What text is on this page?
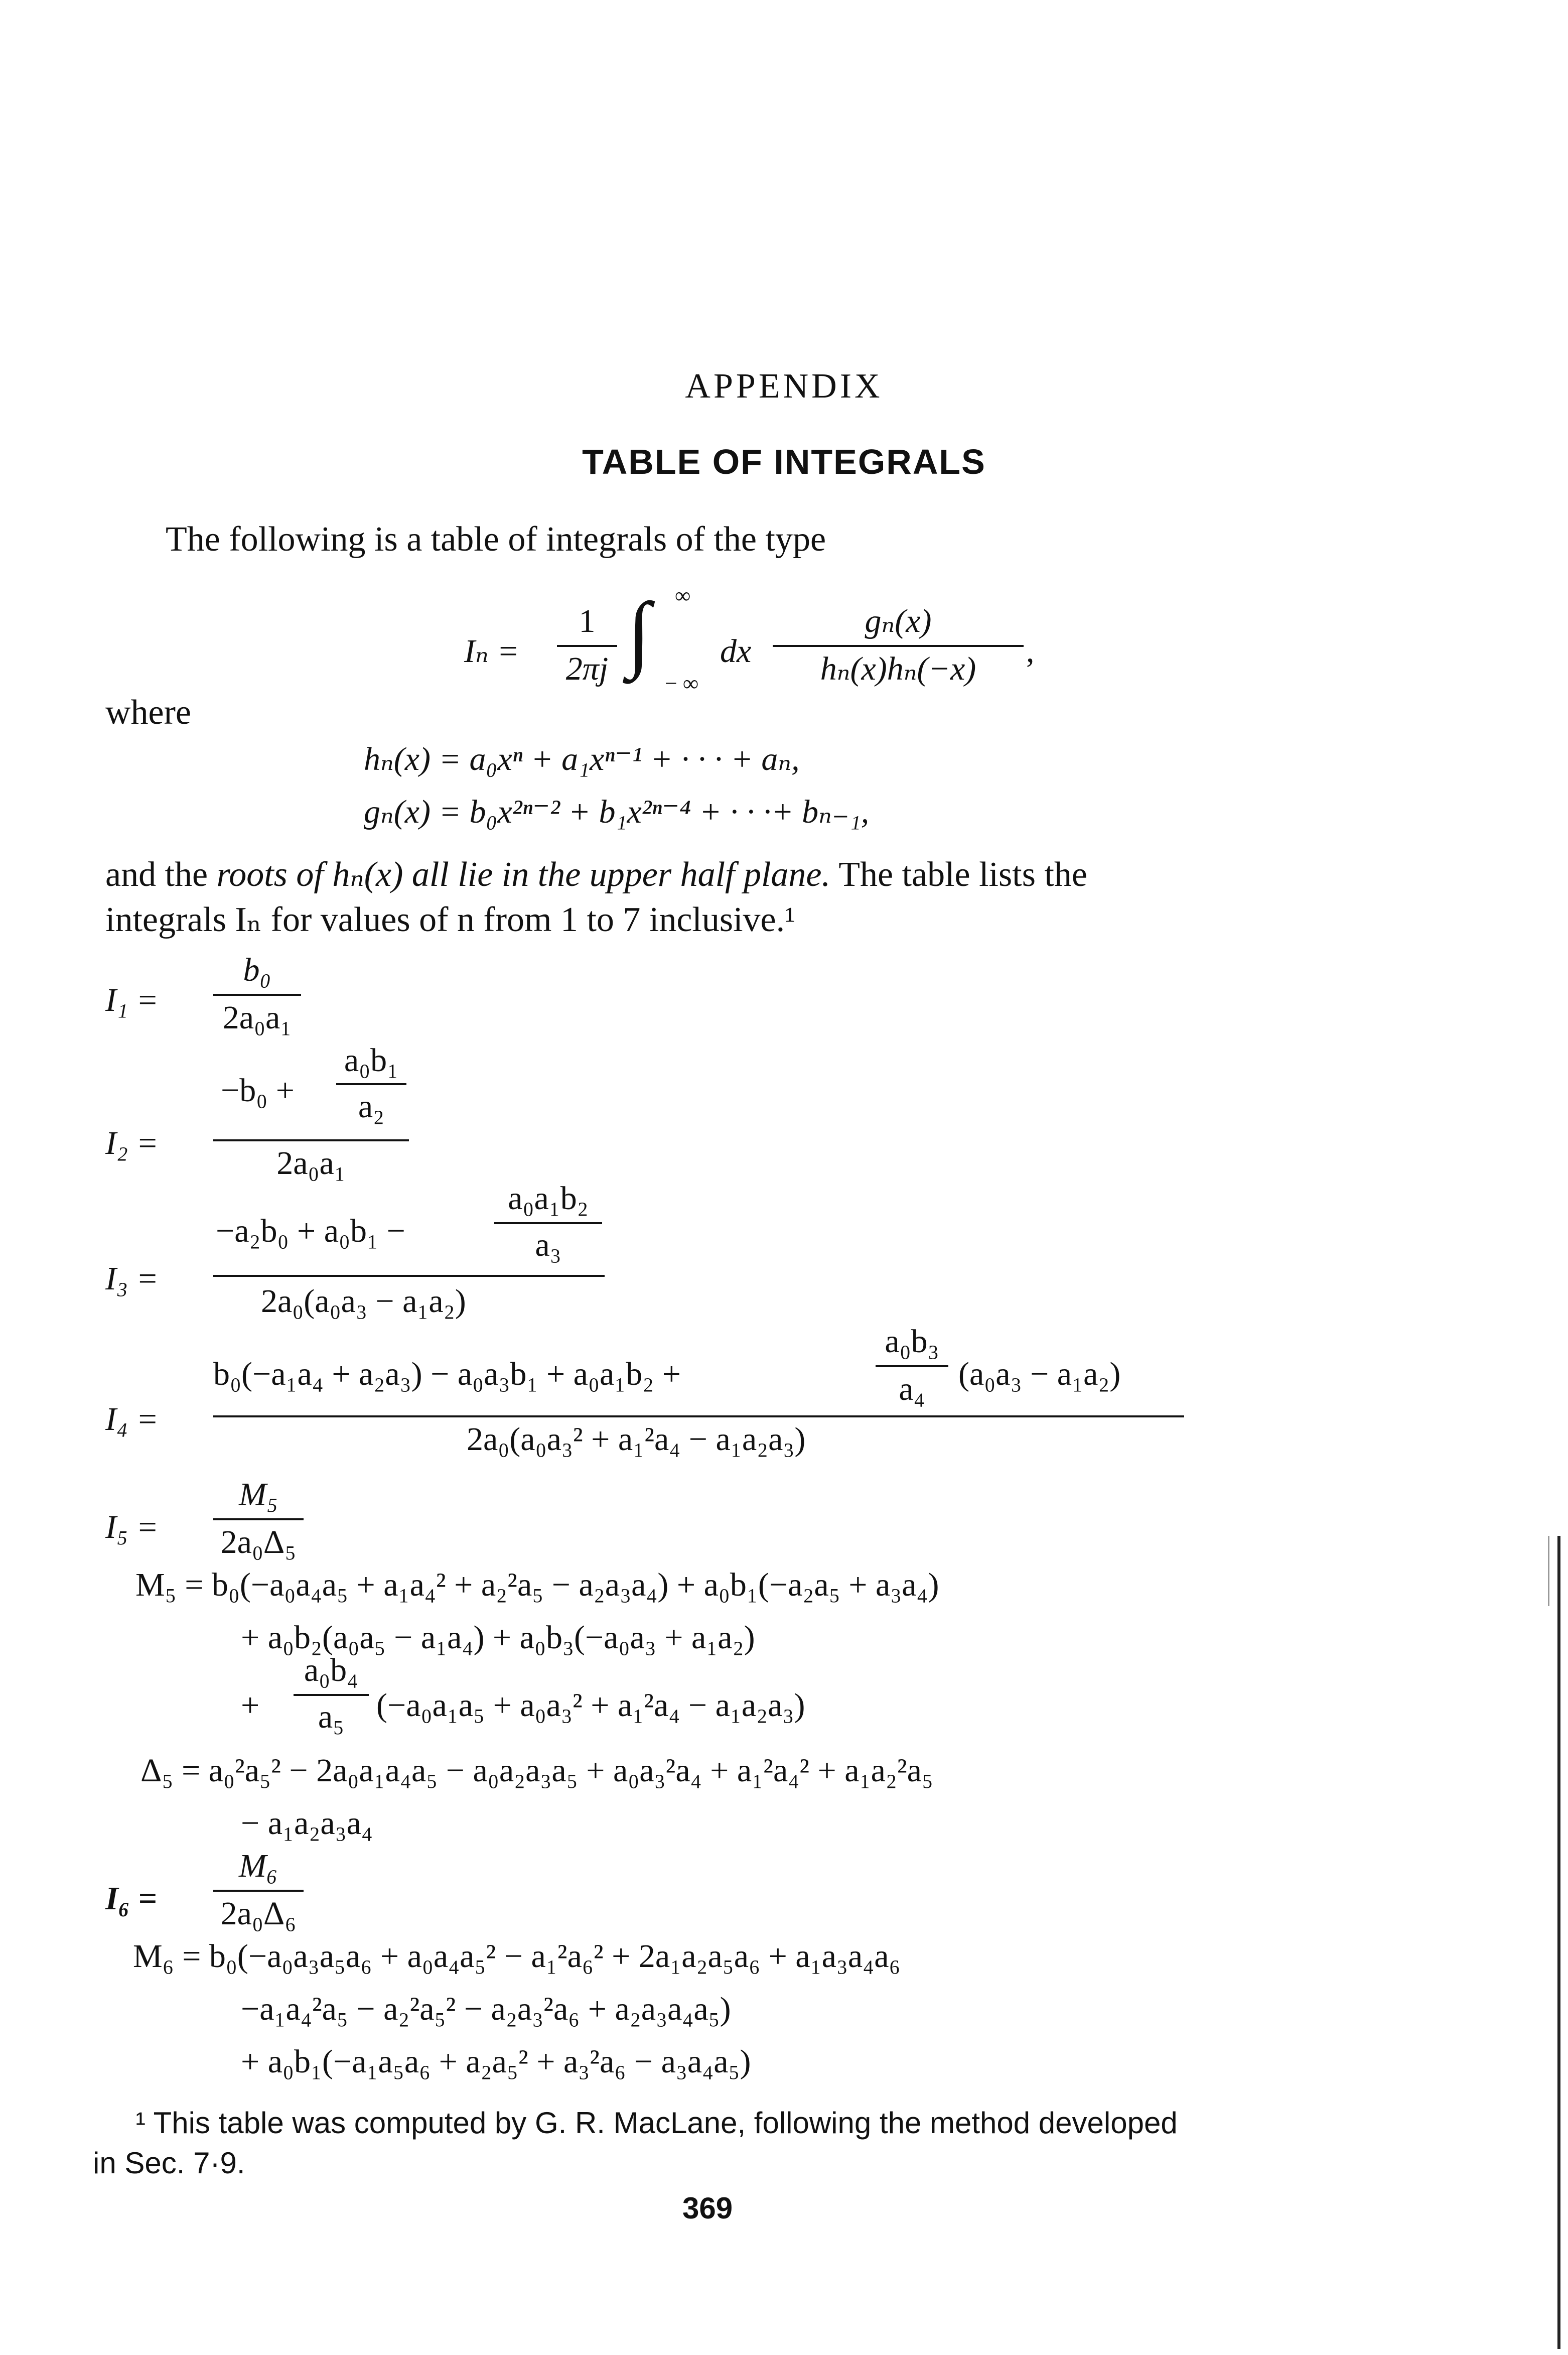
APPENDIX
TABLE OF INTEGRALS
The following is a table of integrals of the type
Iₙ =
1
2πj ∫ ∞
− ∞
dx
gₙ(x)
hₙ(x)hₙ(−x)	,
where
hₙ(x) = a₀xⁿ + a₁xⁿ⁻¹ + · · · + aₙ,
gₙ(x) = b₀x²ⁿ⁻² + b₁x²ⁿ⁻⁴ + · · ·+ bₙ₋₁,
and the roots of hₙ(x) all lie in the upper half plane. The table lists the
integrals Iₙ for values of n from 1 to 7 inclusive.¹
I₁ =
b₀
2a₀a₁
I₂ =
−b₀ +
a₀b₁
a₂
2a₀a₁
I₃ =
−a₂b₀ + a₀b₁ −
a₀a₁b₂
a₃
2a₀(a₀a₃ − a₁a₂)
I₄ =
b₀(−a₁a₄ + a₂a₃) − a₀a₃b₁ + a₀a₁b₂ +
a₀b₃
a₄	(a₀a₃ − a₁a₂)
2a₀(a₀a₃² + a₁²a₄ − a₁a₂a₃)
I₅ =
M₅
2a₀Δ₅
M₅ = b₀(−a₀a₄a₅ + a₁a₄² + a₂²a₅ − a₂a₃a₄) + a₀b₁(−a₂a₅ + a₃a₄)
+ a₀b₂(a₀a₅ − a₁a₄) + a₀b₃(−a₀a₃ + a₁a₂)
+
a₀b₄
a₅ (−a₀a₁a₅ + a₀a₃² + a₁²a₄ − a₁a₂a₃)
Δ₅ = a₀²a₅² − 2a₀a₁a₄a₅ − a₀a₂a₃a₅ + a₀a₃²a₄ + a₁²a₄² + a₁a₂²a₅
− a₁a₂a₃a₄
I₆ =
M₆
2a₀Δ₆
M₆ = b₀(−a₀a₃a₅a₆ + a₀a₄a₅² − a₁²a₆² + 2a₁a₂a₅a₆ + a₁a₃a₄a₆
−a₁a₄²a₅ − a₂²a₅² − a₂a₃²a₆ + a₂a₃a₄a₅)
+ a₀b₁(−a₁a₅a₆ + a₂a₅² + a₃²a₆ − a₃a₄a₅)
¹ This table was computed by G. R. MacLane, following the method developed
in Sec. 7·9.
369
